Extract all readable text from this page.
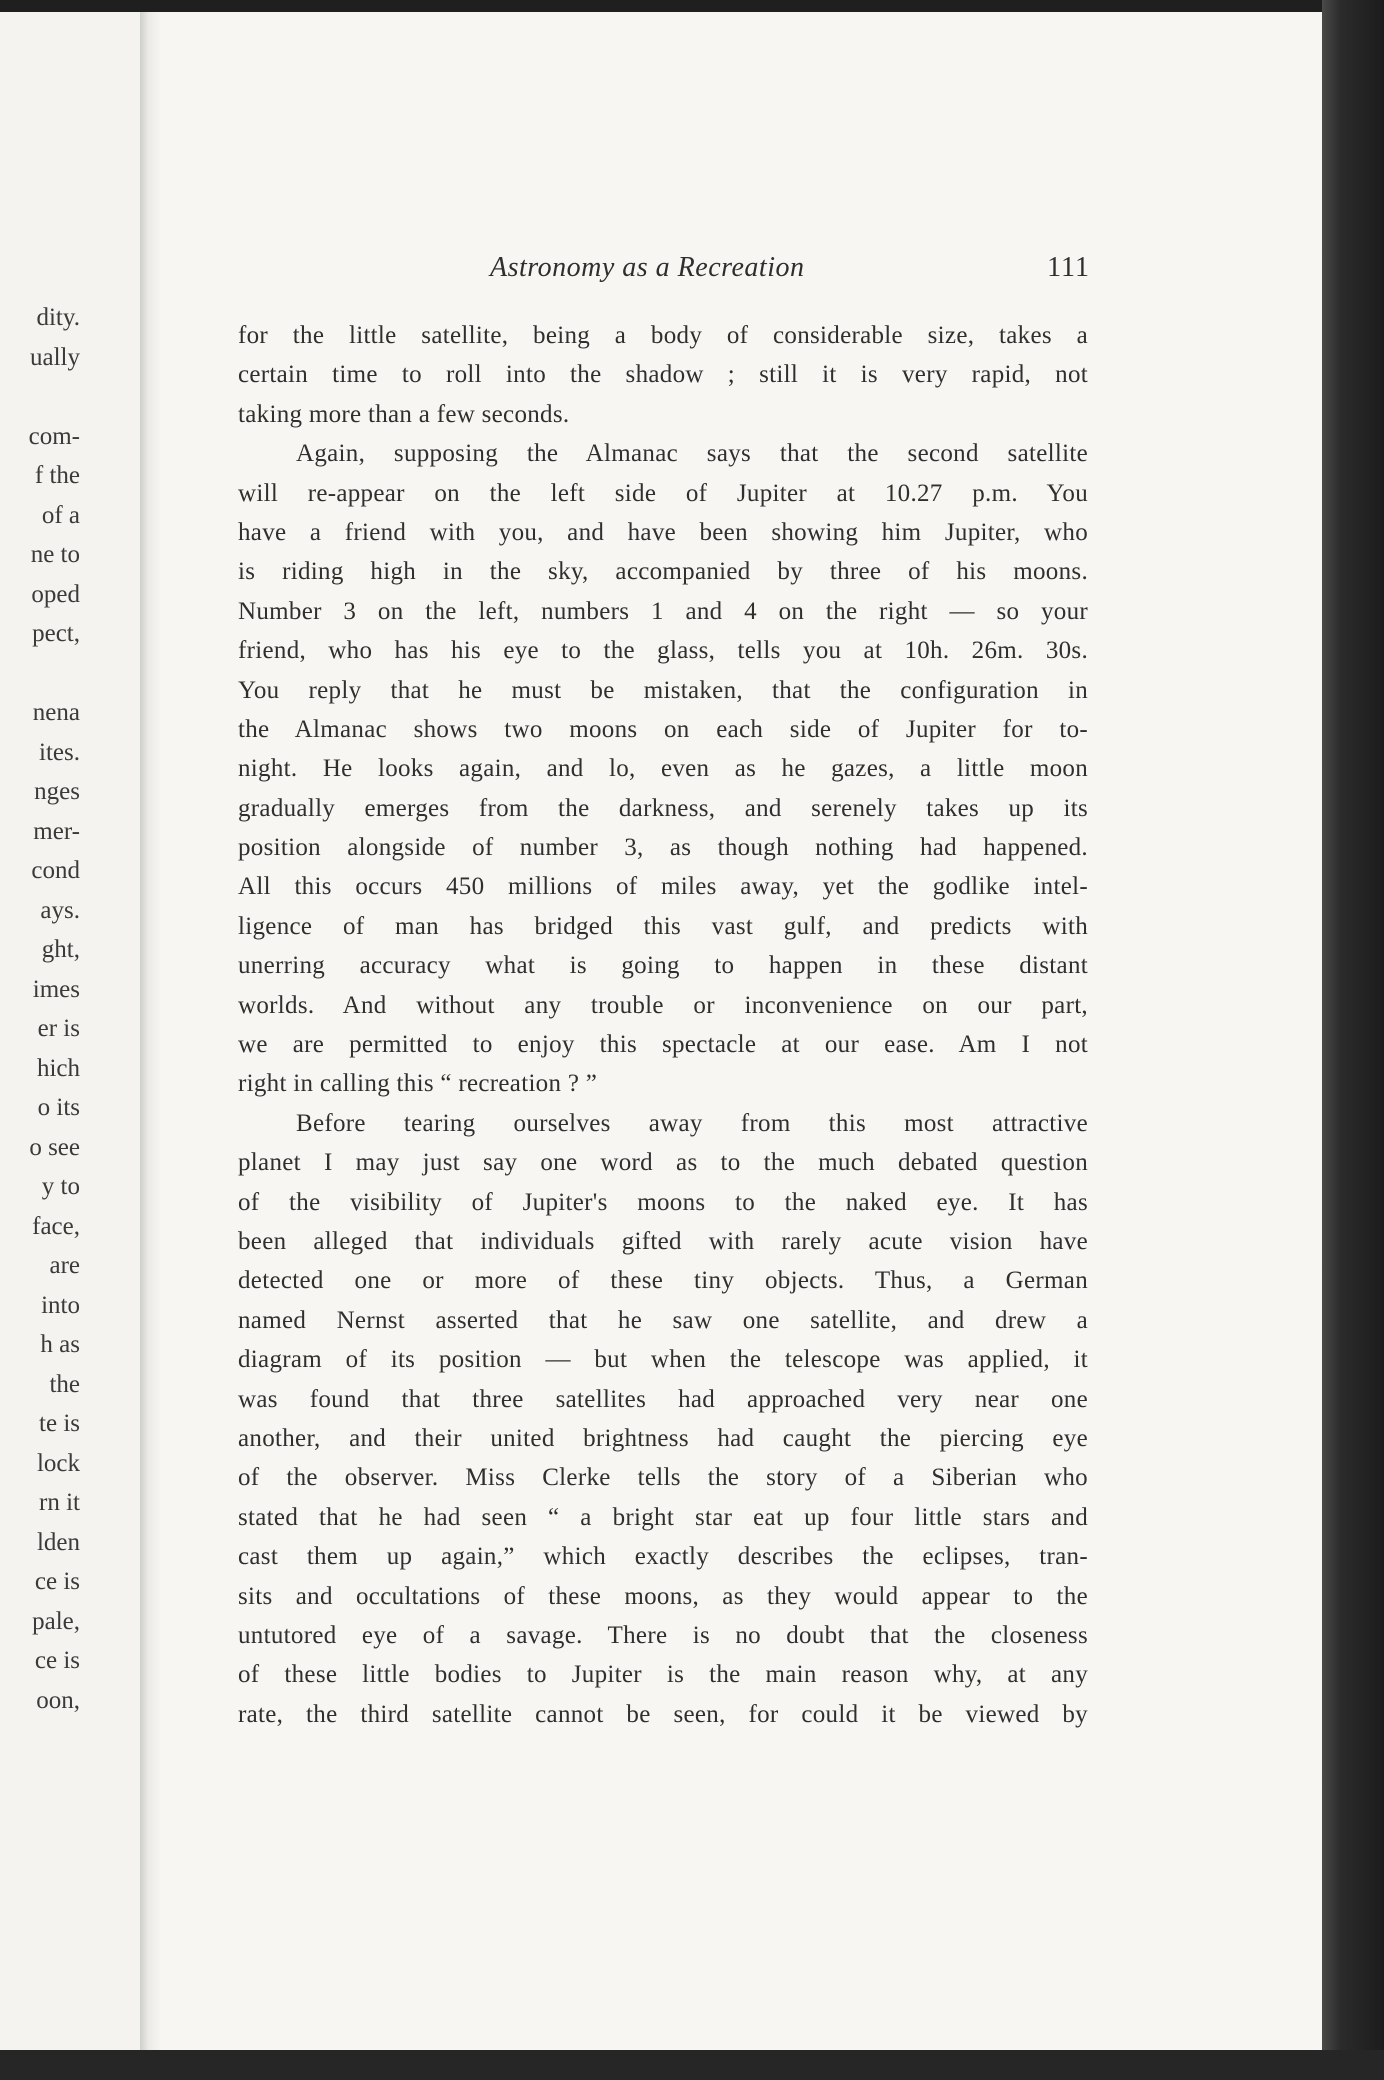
dity.
ually
com-
f the
of a
ne to
oped
pect,
nena
ites.
nges
mer-
cond
ays.
ght,
imes
er is
hich
o its
o see
y to
face,
are
into
h as
the
te is
lock
rn it
lden
ce is
pale,
ce is
oon,
Astronomy as a Recreation	111
for the little satellite, being a body of considerable size, takes a
certain time to roll into the shadow ; still it is very rapid, not
taking more than a few seconds.
Again, supposing the Almanac says that the second satellite
will re-appear on the left side of Jupiter at 10.27 p.m. You
have a friend with you, and have been showing him Jupiter, who
is riding high in the sky, accompanied by three of his moons.
Number 3 on the left, numbers 1 and 4 on the right — so your
friend, who has his eye to the glass, tells you at 10h. 26m. 30s.
You reply that he must be mistaken, that the configuration in
the Almanac shows two moons on each side of Jupiter for to-
night. He looks again, and lo, even as he gazes, a little moon
gradually emerges from the darkness, and serenely takes up its
position alongside of number 3, as though nothing had happened.
All this occurs 450 millions of miles away, yet the godlike intel-
ligence of man has bridged this vast gulf, and predicts with
unerring accuracy what is going to happen in these distant
worlds. And without any trouble or inconvenience on our part,
we are permitted to enjoy this spectacle at our ease. Am I not
right in calling this “ recreation ? ”
Before tearing ourselves away from this most attractive
planet I may just say one word as to the much debated question
of the visibility of Jupiter's moons to the naked eye. It has
been alleged that individuals gifted with rarely acute vision have
detected one or more of these tiny objects. Thus, a German
named Nernst asserted that he saw one satellite, and drew a
diagram of its position — but when the telescope was applied, it
was found that three satellites had approached very near one
another, and their united brightness had caught the piercing eye
of the observer. Miss Clerke tells the story of a Siberian who
stated that he had seen “ a bright star eat up four little stars and
cast them up again,” which exactly describes the eclipses, tran-
sits and occultations of these moons, as they would appear to the
untutored eye of a savage. There is no doubt that the closeness
of these little bodies to Jupiter is the main reason why, at any
rate, the third satellite cannot be seen, for could it be viewed by
